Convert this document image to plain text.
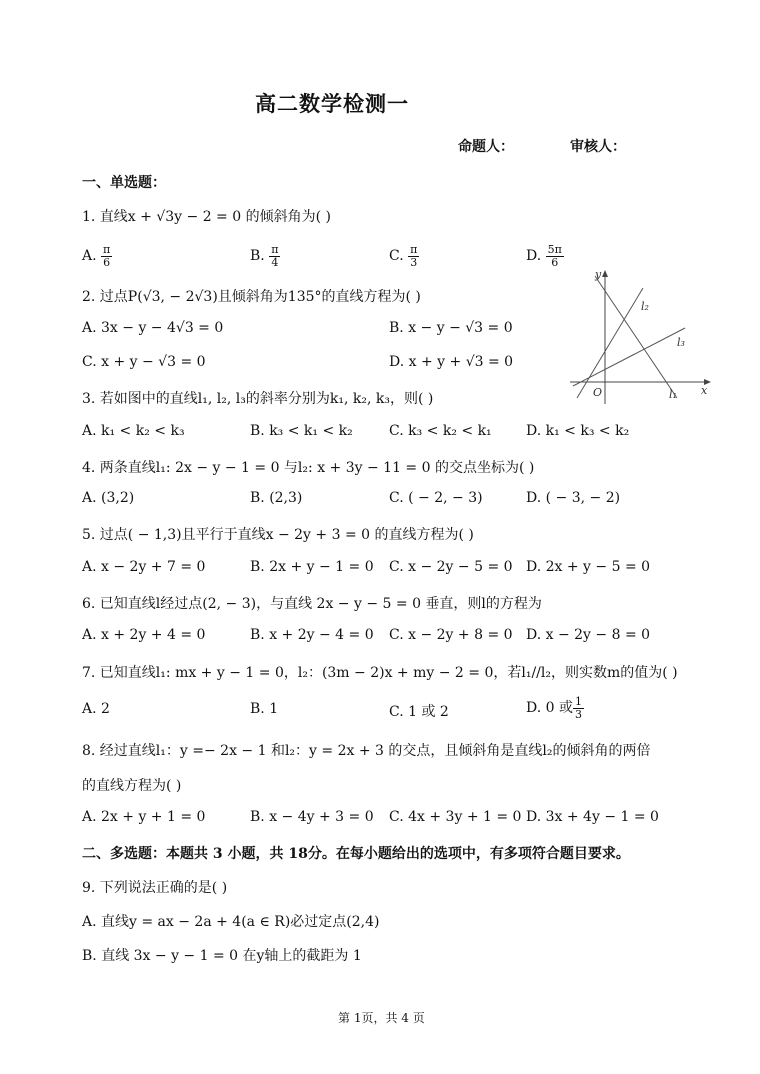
高二数学检测一
命题人：	审核人：
一、单选题：
1. 直线x + √3y − 2 = 0 的倾斜角为( )
A. $\frac{\pi}{6}$	B. $\frac{\pi}{4}$	C. $\frac{\pi}{3}$	D. $\frac{5\pi}{6}$
2. 过点P(√3, − 2√3)且倾斜角为135°的直线方程为( )
A. 3x − y − 4√3 = 0	B. x − y − √3 = 0
C. x + y − √3 = 0	D. x + y + √3 = 0
y
x
O
l₂
l₃
l₁
3. 若如图中的直线l₁, l₂, l₃的斜率分别为k₁, k₂, k₃，则( )
A. k₁ < k₂ < k₃	B. k₃ < k₁ < k₂	C. k₃ < k₂ < k₁ D. k₁ < k₃ < k₂
4. 两条直线l₁: 2x − y − 1 = 0 与l₂: x + 3y − 11 = 0 的交点坐标为( )
A. (3,2)	B. (2,3)	C. ( − 2, − 3)	D. ( − 3, − 2)
5. 过点( − 1,3)且平行于直线x − 2y + 3 = 0 的直线方程为( )
A. x − 2y + 7 = 0	B. 2x + y − 1 = 0 C. x − 2y − 5 = 0 D. 2x + y − 5 = 0
6. 已知直线l经过点(2, − 3)，与直线 2x − y − 5 = 0 垂直，则l的方程为
A. x + 2y + 4 = 0	B. x + 2y − 4 = 0 C. x − 2y + 8 = 0 D. x − 2y − 8 = 0
7. 已知直线l₁: mx + y − 1 = 0，l₂：(3m − 2)x + my − 2 = 0，若l₁//l₂，则实数m的值为( )
A. 2	B. 1	C. 1 或 2	D. 0 或 $\frac{1}{3}$
8. 经过直线l₁：y =− 2x − 1 和l₂：y = 2x + 3 的交点，且倾斜角是直线l₂的倾斜角的两倍
的直线方程为( )
A. 2x + y + 1 = 0	B. x − 4y + 3 = 0 C. 4x + 3y + 1 = 0 D. 3x + 4y − 1 = 0
二、多选题：本题共 3 小题，共 18分。在每小题给出的选项中，有多项符合题目要求。
9. 下列说法正确的是( )
A. 直线y = ax − 2a + 4(a ∈ R)必过定点(2,4)
B. 直线 3x − y − 1 = 0 在y轴上的截距为 1
第 1页，共 4 页
